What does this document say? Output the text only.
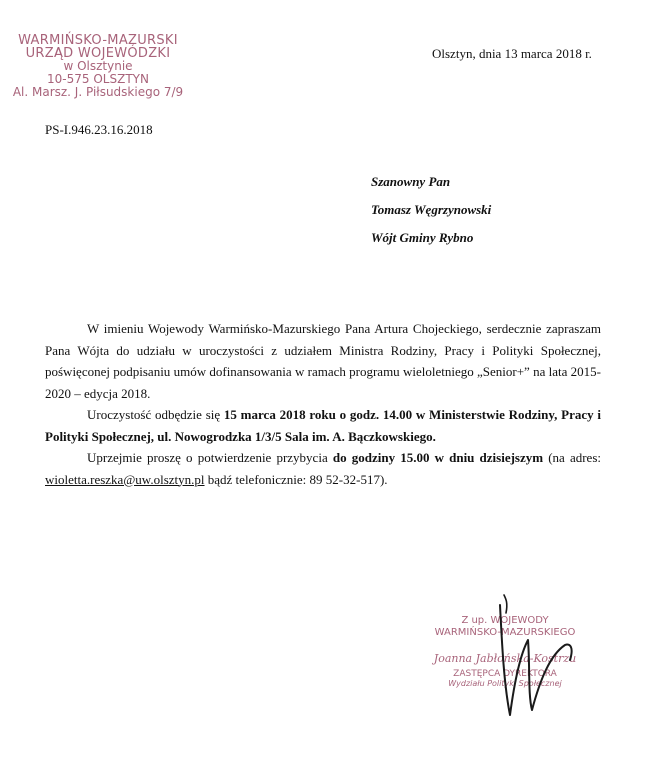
WARMIŃSKO-MAZURSKI
URZĄD WOJEWÓDZKI
w Olsztynie
10-575 OLSZTYN
Al. Marsz. J. Piłsudskiego 7/9
Olsztyn, dnia 13 marca 2018 r.
PS-I.946.23.16.2018
Szanowny Pan
Tomasz Węgrzynowski
Wójt Gminy Rybno

W imieniu Wojewody Warmińsko-Mazurskiego Pana Artura Chojeckiego, serdecznie zapraszam Pana Wójta do udziału w uroczystości z udziałem Ministra Rodziny, Pracy i Polityki Społecznej, poświęconej podpisaniu umów dofinansowania w ramach programu wieloletniego „Senior+” na lata 2015-2020 – edycja 2018.

Uroczystość odbędzie się 15 marca 2018 roku o godz. 14.00 w Ministerstwie Rodziny, Pracy i Polityki Społecznej, ul. Nowogrodzka 1/3/5 Sala im. A. Bączkowskiego.

Uprzejmie proszę o potwierdzenie przybycia do godziny 15.00 w dniu dzisiejszym (na adres: wioletta.reszka@uw.olsztyn.pl bądź telefonicznie: 89 52-32-517).

Z up. WOJEWODY
WARMIŃSKO-MAZURSKIEGO
Joanna Jabłońska-Kostrzu
ZASTĘPCA DYREKTORA
Wydziału Polityki Społecznej
